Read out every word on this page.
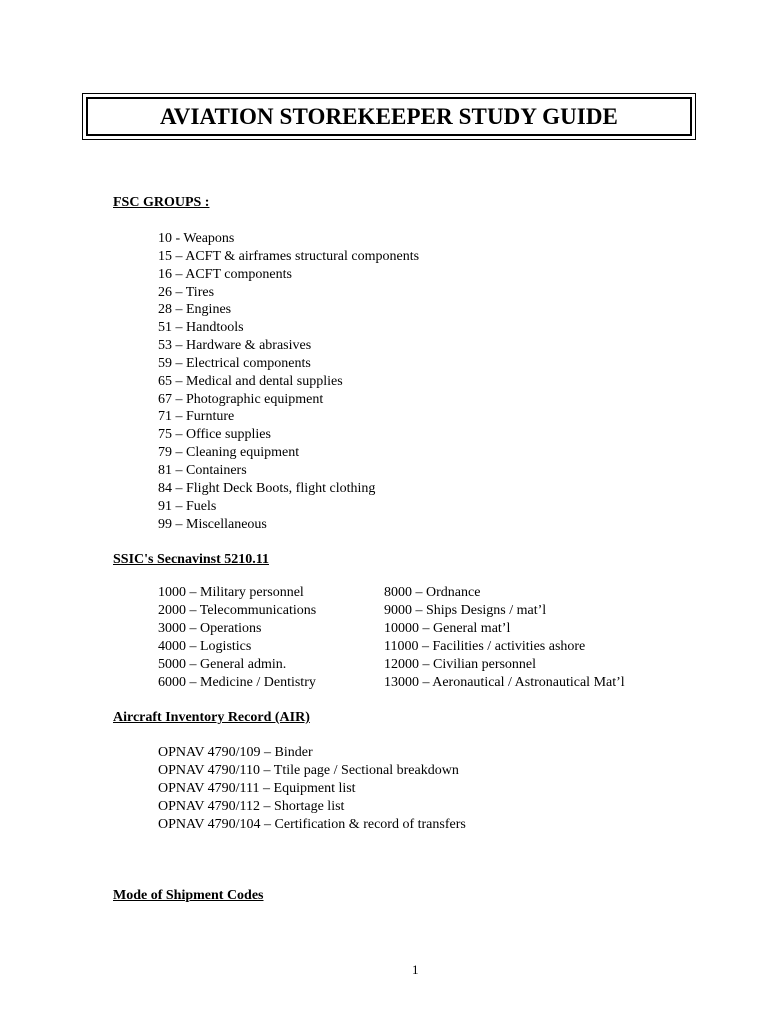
AVIATION STOREKEEPER STUDY GUIDE
FSC GROUPS :
10 - Weapons
15 – ACFT & airframes structural components
16 – ACFT components
26 – Tires
28 – Engines
51 – Handtools
53 – Hardware & abrasives
59 – Electrical components
65 – Medical and dental supplies
67 – Photographic equipment
71 – Furnture
75 – Office supplies
79 – Cleaning equipment
81 – Containers
84 – Flight Deck Boots, flight clothing
91 – Fuels
99 – Miscellaneous
SSIC's Secnavinst 5210.11
1000 – Military personnel	8000 – Ordnance
2000 – Telecommunications	9000 – Ships Designs / mat’l
3000 – Operations	10000 – General mat’l
4000 – Logistics	11000 – Facilities / activities ashore
5000 – General admin.	12000 – Civilian personnel
6000 – Medicine / Dentistry	13000 – Aeronautical / Astronautical Mat’l
Aircraft Inventory Record (AIR)
OPNAV 4790/109 – Binder
OPNAV 4790/110 – Ttile page / Sectional breakdown
OPNAV 4790/111 – Equipment list
OPNAV 4790/112 – Shortage list
OPNAV 4790/104 – Certification & record of transfers
Mode of Shipment Codes
1
